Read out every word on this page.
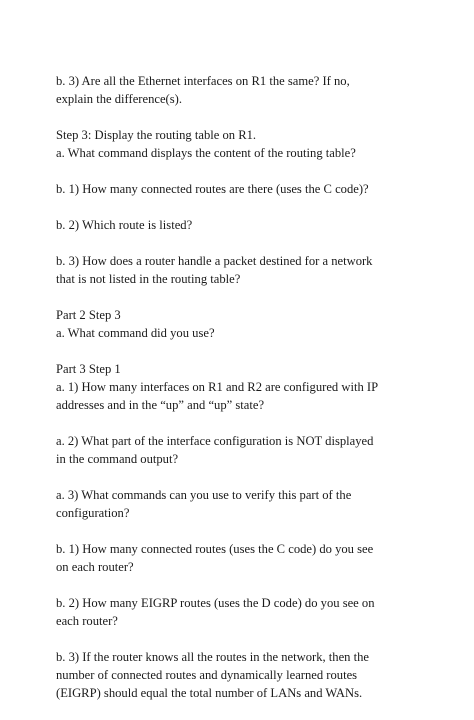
b. 3) Are all the Ethernet interfaces on R1 the same? If no,
explain the difference(s).

Step 3: Display the routing table on R1.
a. What command displays the content of the routing table?

b. 1) How many connected routes are there (uses the C code)?

b. 2) Which route is listed?

b. 3) How does a router handle a packet destined for a network
that is not listed in the routing table?

Part 2 Step 3
a. What command did you use?

Part 3 Step 1
a. 1) How many interfaces on R1 and R2 are configured with IP
addresses and in the “up” and “up” state?

a. 2) What part of the interface configuration is NOT displayed
in the command output?

a. 3) What commands can you use to verify this part of the
configuration?

b. 1) How many connected routes (uses the C code) do you see
on each router?

b. 2) How many EIGRP routes (uses the D code) do you see on
each router?

b. 3) If the router knows all the routes in the network, then the
number of connected routes and dynamically learned routes
(EIGRP) should equal the total number of LANs and WANs.
